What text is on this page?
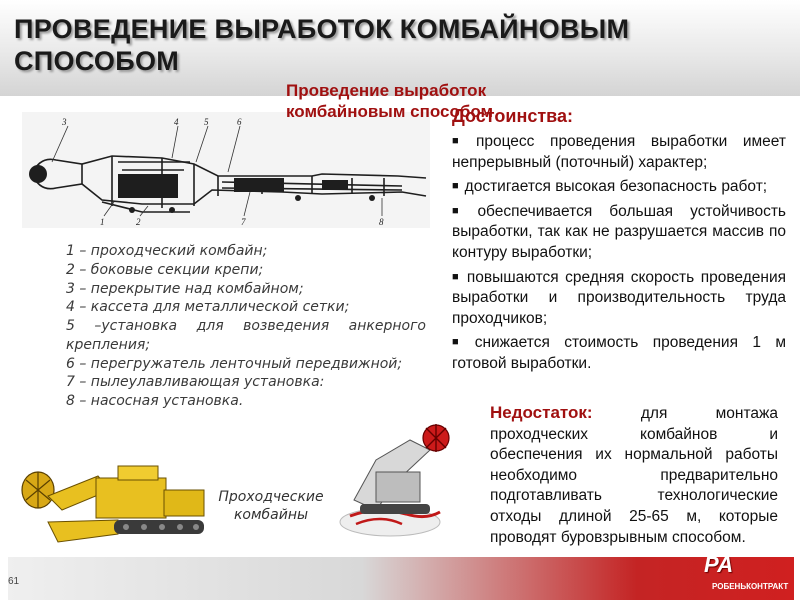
ПРОВЕДЕНИЕ ВЫРАБОТОК КОМБАЙНОВЫМ СПОСОБОМ
3	4	5	6
1	2	7	8
1 – проходческий комбайн;
2 – боковые секции крепи;
3 – перекрытие над комбайном;
4 – кассета для металлической сетки;
5 –установка для возведения анкерного крепления;
6 – перегружатель ленточный передвижной;
7 – пылеулавливающая установка:
8 – насосная установка.

Проведение выработок комбайновым способом

Достоинства:
■ процесс проведения выработки имеет непрерывный (поточный) характер;
■ достигается высокая безопасность работ;
■ обеспечивается большая устойчивость выработки, так как не разрушается массив по контуру выработки;
■ повышаются средняя скорость проведения выработки и производительность труда проходчиков;
■ снижается стоимость проведения 1 м готовой выработки.

Проходческие комбайны

Недостаток:	для монтажа проходческих комбайнов и обеспечения их нормальной работы необходимо предварительно подготавливать технологические отходы длиной 25-65 м, которые проводят буровзрывным способом.

61

РА

РОБЕНЬКОНТРАКТ
